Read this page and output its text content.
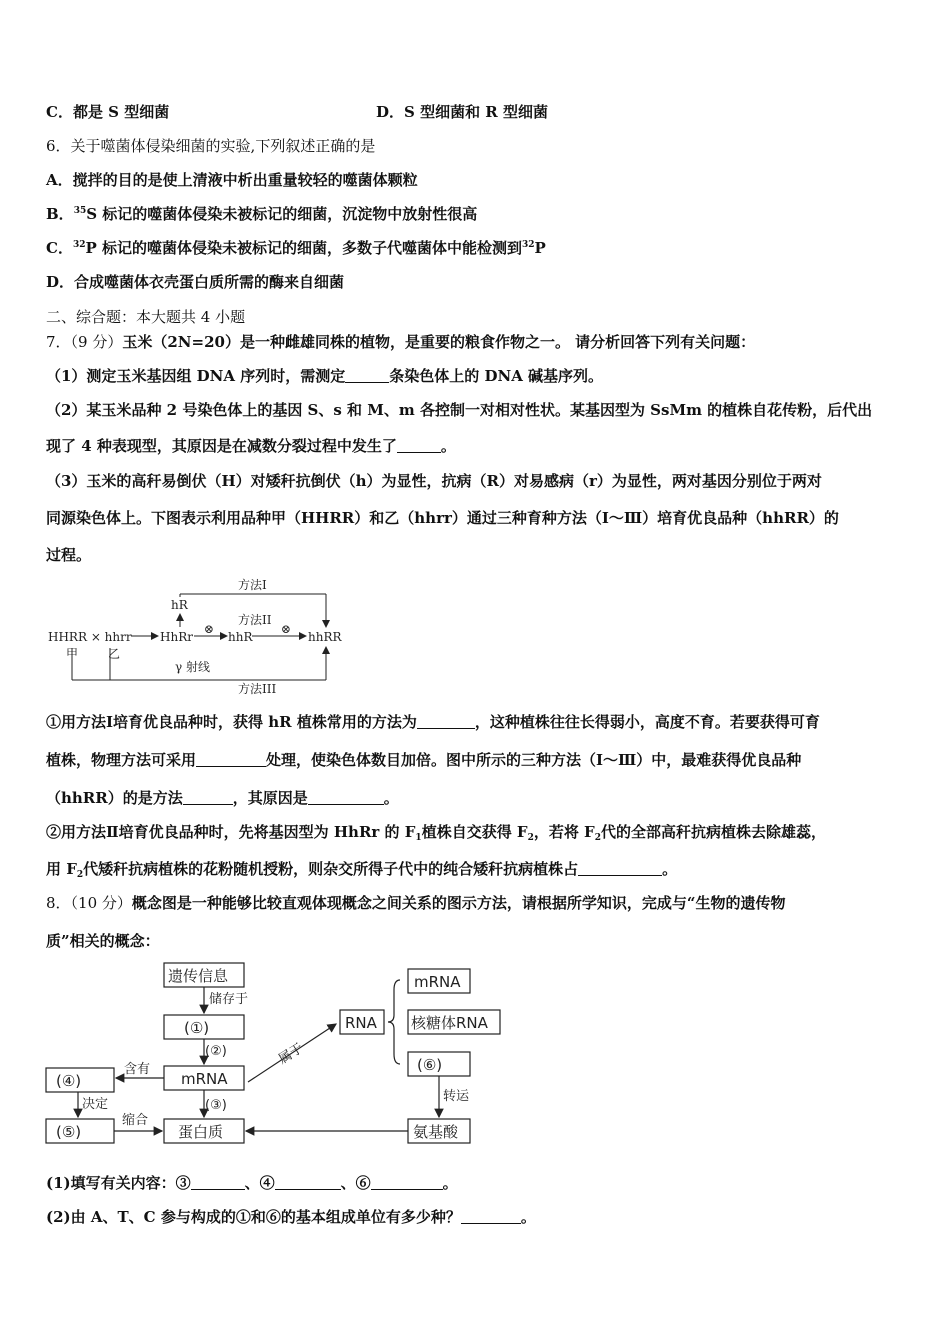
C．都是 S 型细菌	D．S 型细菌和 R 型细菌
6．关于噬菌体侵染细菌的实验,下列叙述正确的是
A．搅拌的目的是使上清液中析出重量较轻的噬菌体颗粒
B．$^{35}$S 标记的噬菌体侵染未被标记的细菌，沉淀物中放射性很高
C．$^{32}$P 标记的噬菌体侵染未被标记的细菌，多数子代噬菌体中能检测到$^{32}$P
D．合成噬菌体衣壳蛋白质所需的酶来自细菌
二、综合题：本大题共 4 小题
7．（9 分）玉米（2N=20）是一种雌雄同株的植物，是重要的粮食作物之一。 请分析回答下列有关问题：
（1）测定玉米基因组 DNA 序列时，需测定	条染色体上的 DNA 碱基序列。
（2）某玉米品种 2 号染色体上的基因 S、s 和 M、m 各控制一对相对性状。某基因型为 SsMm 的植株自花传粉，后代出
现了 4 种表现型，其原因是在减数分裂过程中发生了	。
（3）玉米的高秆易倒伏（H）对矮秆抗倒伏（h）为显性，抗病（R）对易感病（r）为显性，两对基因分别位于两对
同源染色体上。下图表示利用品种甲（HHRR）和乙（hhrr）通过三种育种方法（Ⅰ～Ⅲ）培育优良品种（hhRR）的
过程。
方法I
hR
方法II
HHRR × hhrr HhRr
⊗
hhR
⊗
hhRR
甲 乙
γ 射线
方法III
①用方法Ⅰ培育优良品种时，获得 hR 植株常用的方法为	，这种植株往往长得弱小，高度不育。若要获得可育
植株，物理方法可采用	处理，使染色体数目加倍。图中所示的三种方法（Ⅰ～Ⅲ）中，最难获得优良品种
（hhRR）的是方法	，其原因是	。
②用方法Ⅱ培育优良品种时，先将基因型为 HhRr 的 $F_1$植株自交获得 $F_2$，若将 $F_2$代的全部高秆抗病植株去除雄蕊，
用 $F_2$代矮秆抗病植株的花粉随机授粉，则杂交所得子代中的纯合矮秆抗病植株占	。
8．（10 分）概念图是一种能够比较直观体现概念之间关系的图示方法，请根据所学知识，完成与“生物的遗传物
质”相关的概念：
遗传信息
储存于
(①)
(②)
mRNA
(③)
蛋白质
(④)
含有
决定
(⑤)
缩合
RNA
属于
mRNA
核糖体RNA
(⑥)
转运
氨基酸
(1)填写有关内容：③	、④	、⑥	。
(2)由 A、T、C 参与构成的①和⑥的基本组成单位有多少种？	。
